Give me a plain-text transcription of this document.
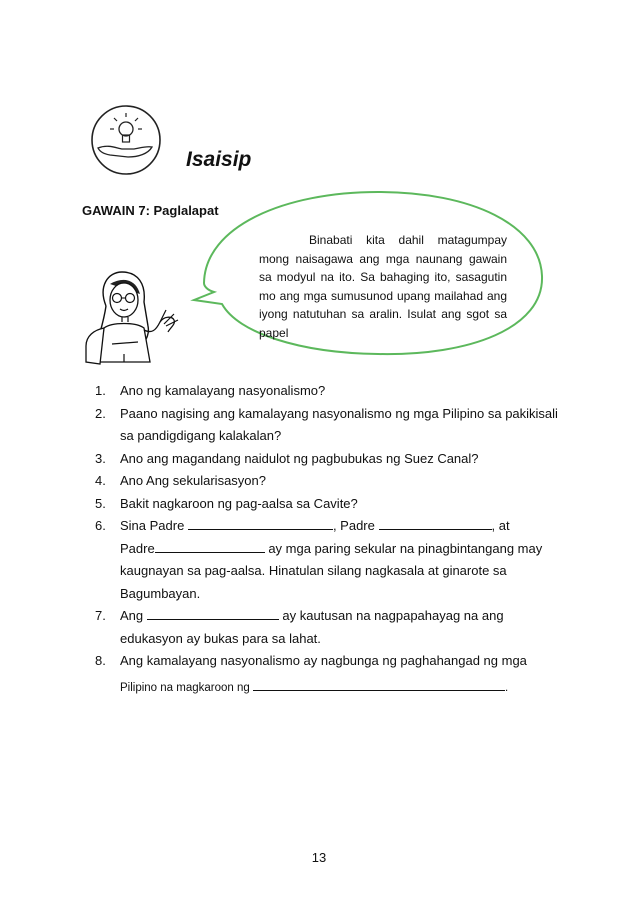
Isaisip
GAWAIN 7: Paglalapat

Binabati kita dahil matagumpay mong naisagawa ang mga naunang gawain sa modyul na ito. Sa bahaging ito, sasagutin mo ang mga sumusunod upang mailahad ang iyong natutuhan sa aralin. Isulat ang sgot sa papel

1. Ano ng kamalayang nasyonalismo?

2. Paano nagising ang kamalayang nasyonalismo ng mga Pilipino sa pakikisali

sa pandigdigang kalakalan?

3. Ano ang magandang naidulot ng pagbubukas ng Suez Canal?

4. Ano Ang sekularisasyon?

5. Bakit nagkaroon ng pag-aalsa sa Cavite?

6. Sina Padre	, Padre	, at

Padre	ay mga paring sekular na pinagbintangang may

kaugnayan sa pag-aalsa. Hinatulan silang nagkasala at ginarote sa

Bagumbayan.

7. Ang	ay kautusan na nagpapahayag na ang

edukasyon ay bukas para sa lahat.

8. Ang kamalayang nasyonalismo ay nagbunga ng paghahangad ng mga

Pilipino na magkaroon ng	.

13
